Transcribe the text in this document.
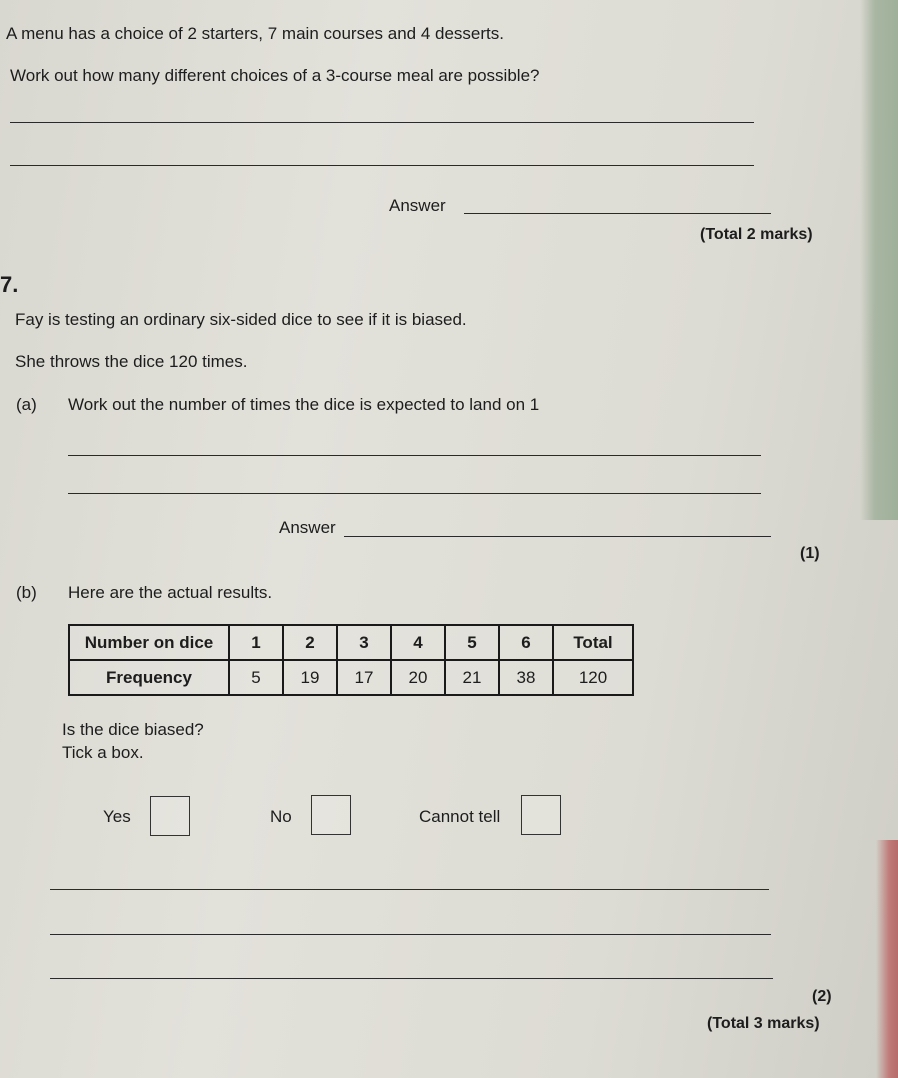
A menu has a choice of 2 starters, 7 main courses and 4 desserts.
Work out how many different choices of a 3-course meal are possible?
Answer
(Total 2 marks)
7.
Fay is testing an ordinary six-sided dice to see if it is biased.
She throws the dice 120 times.
(a) Work out the number of times the dice is expected to land on 1
Answer
(1)
(b) Here are the actual results.
Number on dice	1	2	3	4	5	6	Total
Frequency	5	19	17	20	21	38	120
Is the dice biased?
Tick a box.
Yes	No	Cannot tell
(2)
(Total 3 marks)
